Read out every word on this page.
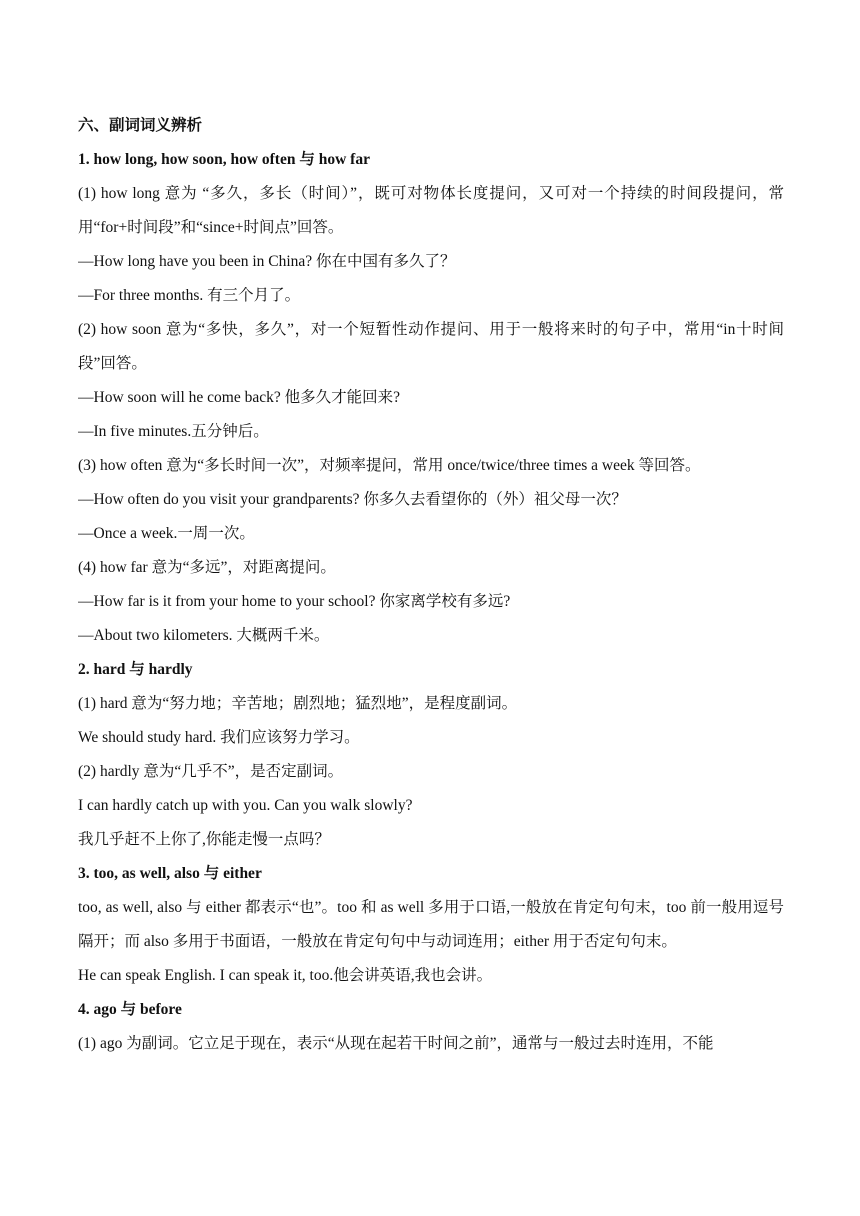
六、副词词义辨析
1. how long, how soon, how often 与 how far
(1) how long 意为 “多久，多长（时间）”，既可对物体长度提问，又可对一个持续的时间段提问，常用“for+时间段”和“since+时间点”回答。
—How long have you been in China? 你在中国有多久了？
—For three months. 有三个月了。
(2) how soon 意为“多快，多久”，对一个短暂性动作提问、用于一般将来时的句子中，常用“in十时间段”回答。
—How soon will he come back? 他多久才能回来?
—In five minutes.五分钟后。
(3) how often 意为“多长时间一次”，对频率提问，常用 once/twice/three times a week 等回答。
—How often do you visit your grandparents? 你多久去看望你的（外）祖父母一次？
—Once a week.一周一次。
(4) how far 意为“多远”，对距离提问。
—How far is it from your home to your school? 你家离学校有多远?
—About two kilometers. 大概两千米。
2. hard 与 hardly
(1) hard 意为“努力地；辛苦地；剧烈地；猛烈地”，是程度副词。
We should study hard. 我们应该努力学习。
(2) hardly 意为“几乎不”，是否定副词。
I can hardly catch up with you. Can you walk slowly?
我几乎赶不上你了,你能走慢一点吗？
3. too, as well, also 与 either
too, as well, also 与 either 都表示“也”。too 和 as well 多用于口语,一般放在肯定句句末，too 前一般用逗号隔开；而 also 多用于书面语，一般放在肯定句句中与动词连用；either 用于否定句句末。
He can speak English. I can speak it, too.他会讲英语,我也会讲。
4. ago 与 before
(1) ago 为副词。它立足于现在，表示“从现在起若干时间之前”，通常与一般过去时连用，不能
